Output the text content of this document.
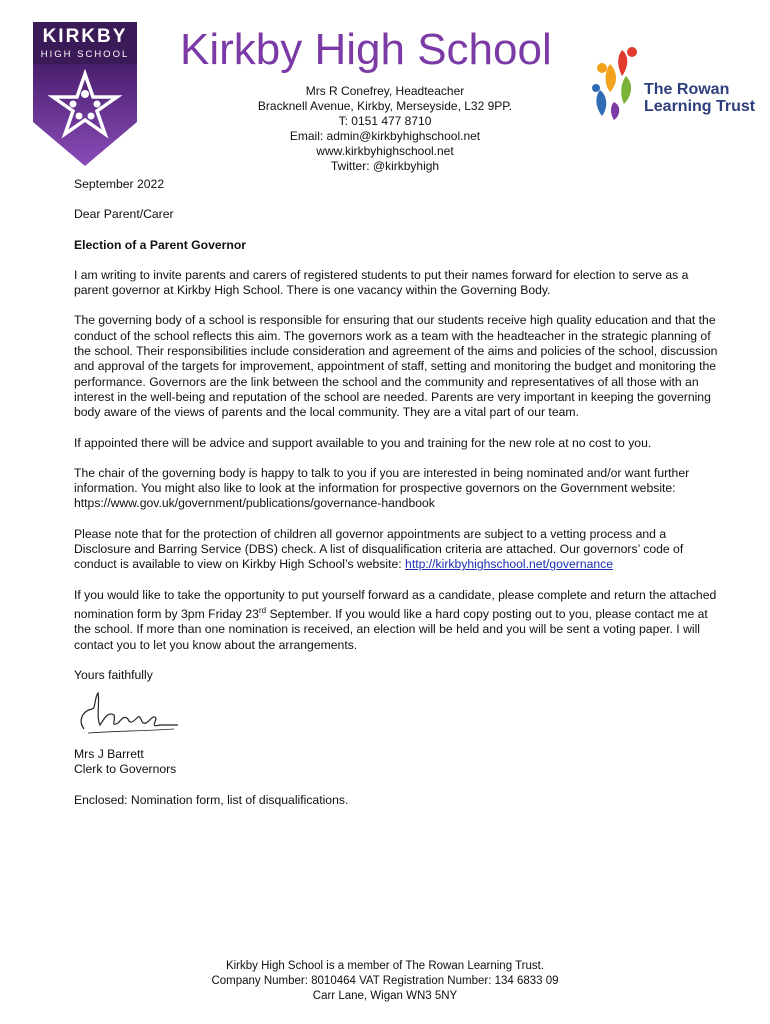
KIRKBY
HIGH SCHOOL Kirkby High School
Mrs R Conefrey, Headteacher
Bracknell Avenue, Kirkby, Merseyside, L32 9PP.
T: 0151 477 8710
Email: admin@kirkbyhighschool.net
www.kirkbyhighschool.net
Twitter: @kirkbyhigh
The Rowan
Learning Trust

September 2022

Dear Parent/Carer

Election of a Parent Governor

I am writing to invite parents and carers of registered students to put their names forward for election to serve as a parent governor at Kirkby High School. There is one vacancy within the Governing Body.

The governing body of a school is responsible for ensuring that our students receive high quality education and that the conduct of the school reflects this aim. The governors work as a team with the headteacher in the strategic planning of the school. Their responsibilities include consideration and agreement of the aims and policies of the school, discussion and approval of the targets for improvement, appointment of staff, setting and monitoring the budget and monitoring the performance. Governors are the link between the school and the community and representatives of all those with an interest in the well-being and reputation of the school are needed. Parents are very important in keeping the governing body aware of the views of parents and the local community. They are a vital part of our team.

If appointed there will be advice and support available to you and training for the new role at no cost to you.

The chair of the governing body is happy to talk to you if you are interested in being nominated and/or want further information. You might also like to look at the information for prospective governors on the Government website: https://www.gov.uk/government/publications/governance-handbook

Please note that for the protection of children all governor appointments are subject to a vetting process and a Disclosure and Barring Service (DBS) check. A list of disqualification criteria are attached. Our governors’ code of conduct is available to view on Kirkby High School’s website: http://kirkbyhighschool.net/governance

If you would like to take the opportunity to put yourself forward as a candidate, please complete and return the attached nomination form by 3pm Friday 23rd September. If you would like a hard copy posting out to you, please contact me at the school. If more than one nomination is received, an election will be held and you will be sent a voting paper. I will contact you to let you know about the arrangements.

Yours faithfully

Mrs J Barrett
Clerk to Governors

Enclosed: Nomination form, list of disqualifications.

Kirkby High School is a member of The Rowan Learning Trust.
Company Number: 8010464 VAT Registration Number: 134 6833 09
Carr Lane, Wigan WN3 5NY
